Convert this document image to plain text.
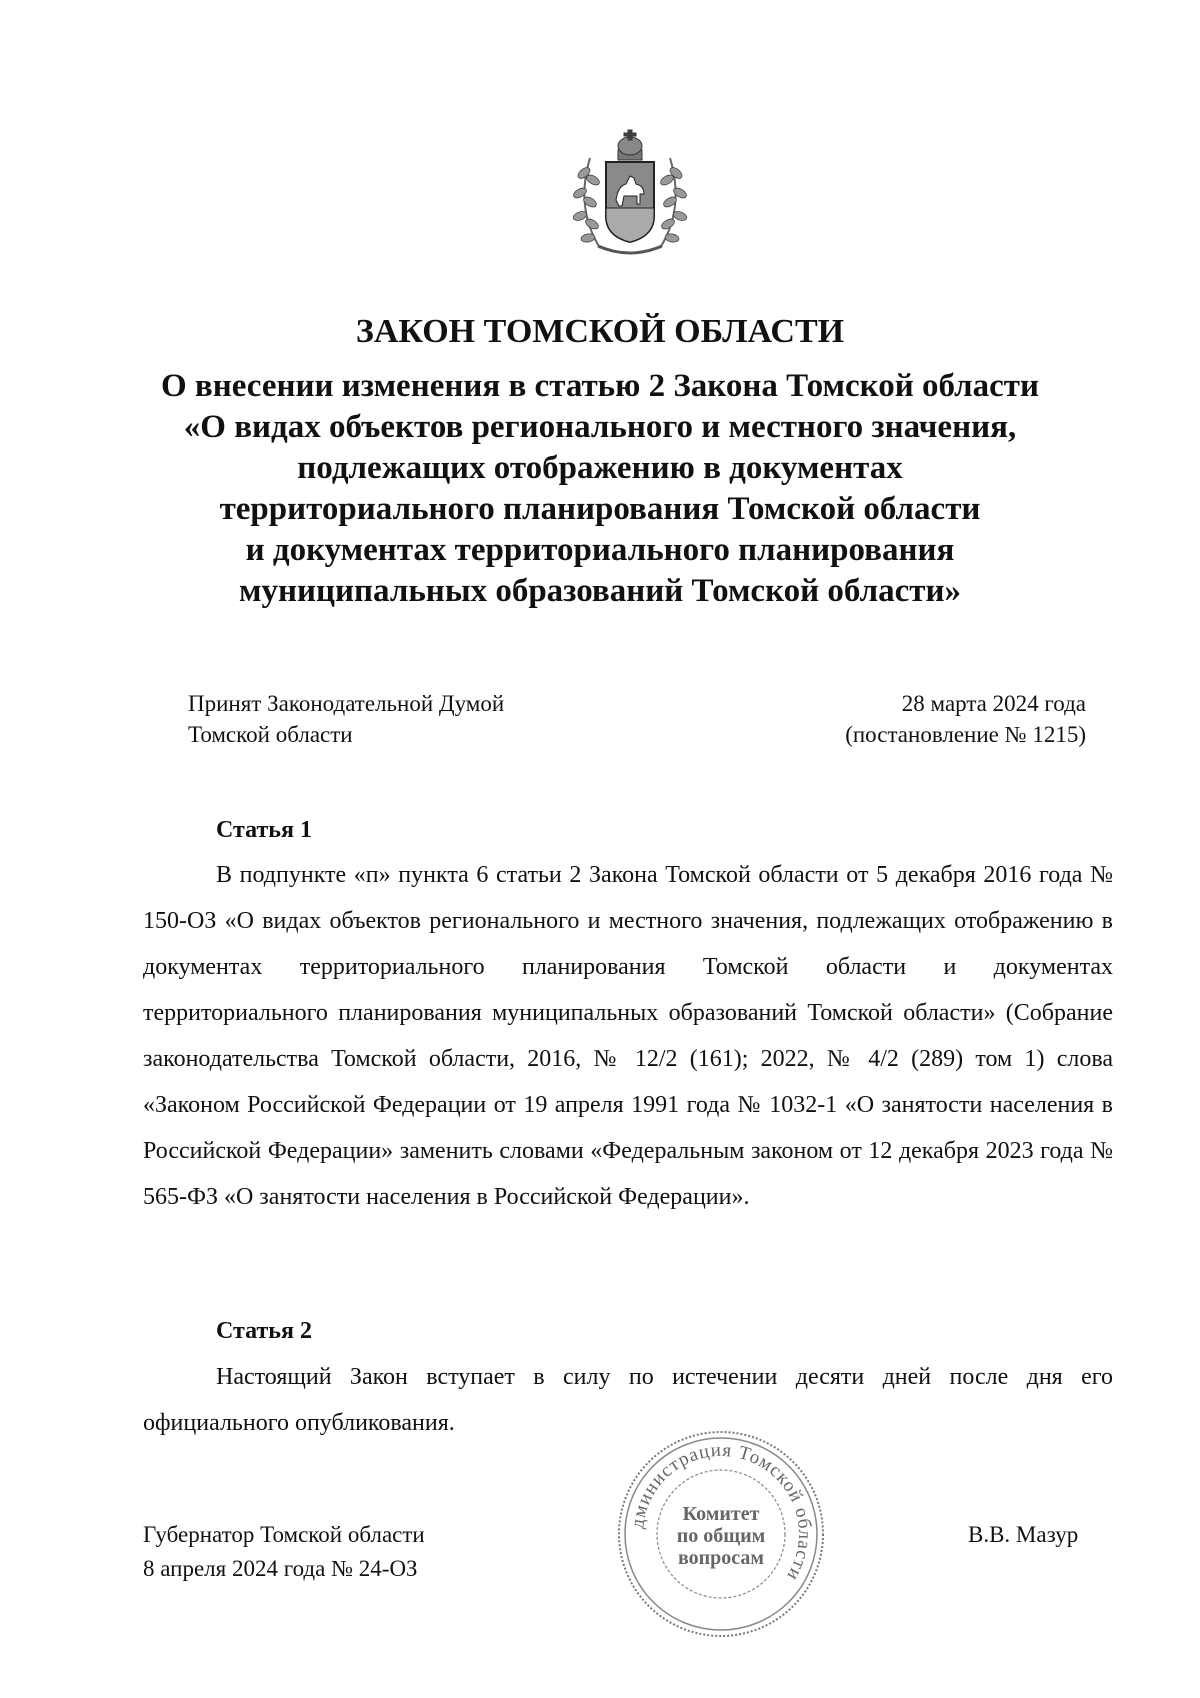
ЗАКОН ТОМСКОЙ ОБЛАСТИ
О внесении изменения в статью 2 Закона Томской области
«О видах объектов регионального и местного значения,
подлежащих отображению в документах
территориального планирования Томской области
и документах территориального планирования
муниципальных образований Томской области»
Принят Законодательной Думой
Томской области
28 марта 2024 года
(постановление № 1215)
Статья 1

В подпункте «п» пункта 6 статьи 2 Закона Томской области от 5 декабря 2016 года № 150-ОЗ «О видах объектов регионального и местного значения, подлежащих отображению в документах территориального планирования Томской области и документах территориального планирования муниципальных образований Томской области» (Собрание законодательства Томской области, 2016, № 12/2 (161); 2022, № 4/2 (289) том 1) слова «Законом Российской Федерации от 19 апреля 1991 года № 1032-1 «О занятости населения в Российской Федерации» заменить словами «Федеральным законом от 12 декабря 2023 года № 565-ФЗ «О занятости населения в Российской Федерации».

Статья 2

Настоящий Закон вступает в силу по истечении десяти дней после дня его официального опубликования.

Губернатор Томской области
8 апреля 2024 года № 24-ОЗ
В.В. Мазур
дминистрация Томской области
Комитет
по общим
вопросам
